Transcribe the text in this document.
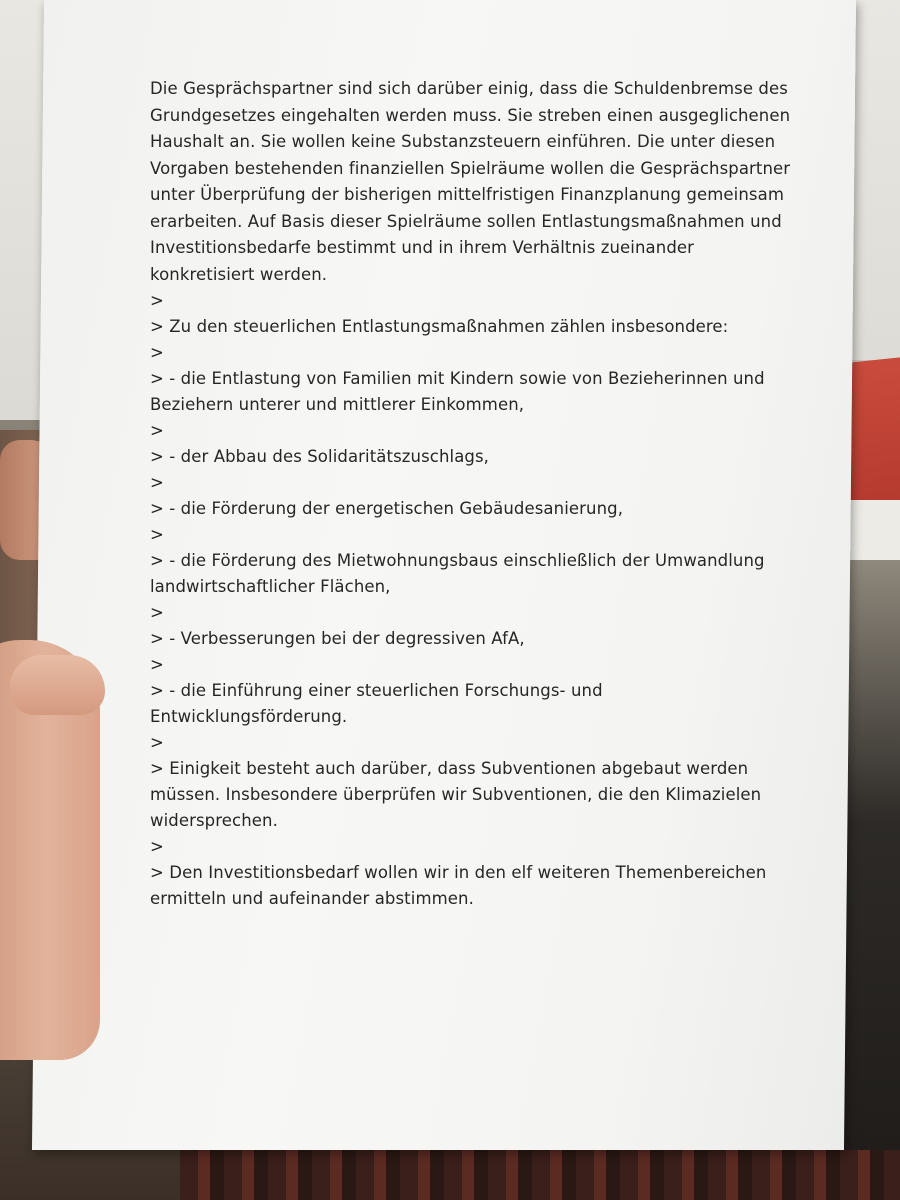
Die Gesprächspartner sind sich darüber einig, dass die Schuldenbremse des

Grundgesetzes eingehalten werden muss. Sie streben einen ausgeglichenen

Haushalt an. Sie wollen keine Substanzsteuern einführen. Die unter diesen

Vorgaben bestehenden finanziellen Spielräume wollen die Gesprächspartner

unter Überprüfung der bisherigen mittelfristigen Finanzplanung gemeinsam

erarbeiten. Auf Basis dieser Spielräume sollen Entlastungsmaßnahmen und

Investitionsbedarfe bestimmt und in ihrem Verhältnis zueinander

konkretisiert werden.

>

> Zu den steuerlichen Entlastungsmaßnahmen zählen insbesondere:

>

> - die Entlastung von Familien mit Kindern sowie von Bezieherinnen und
Beziehern unterer und mittlerer Einkommen,

>

> - der Abbau des Solidaritätszuschlags,

>

> - die Förderung der energetischen Gebäudesanierung,

>

> - die Förderung des Mietwohnungsbaus einschließlich der Umwandlung
landwirtschaftlicher Flächen,

>

> - Verbesserungen bei der degressiven AfA,

>

> - die Einführung einer steuerlichen Forschungs- und Entwicklungsförderung.

>

> Einigkeit besteht auch darüber, dass Subventionen abgebaut werden
müssen. Insbesondere überprüfen wir Subventionen, die den Klimazielen
widersprechen.

>

> Den Investitionsbedarf wollen wir in den elf weiteren Themenbereichen
ermitteln und aufeinander abstimmen.
